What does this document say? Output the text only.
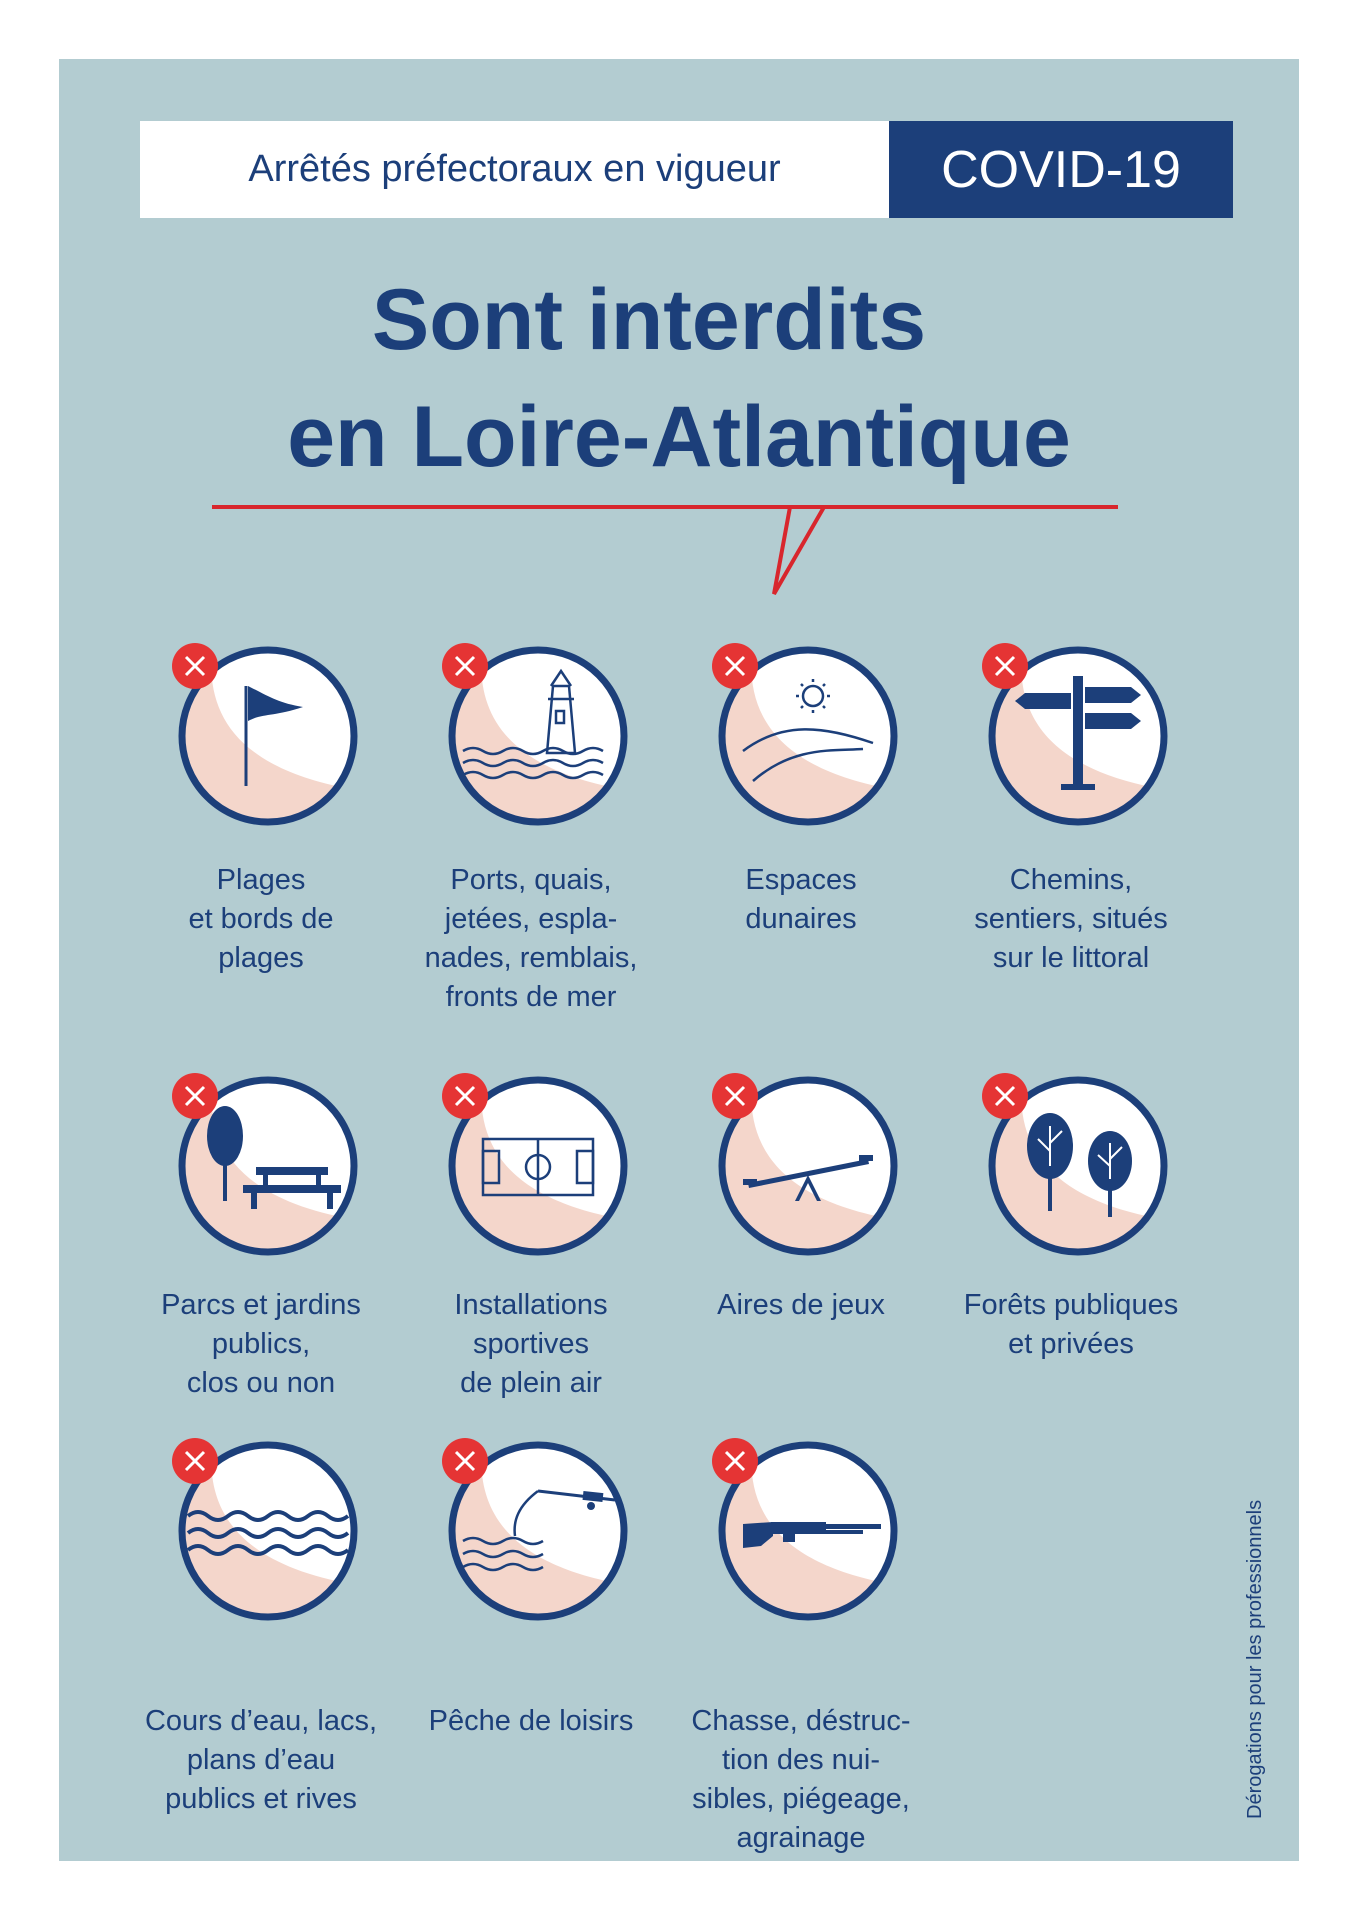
Arrêtés préfectoraux en vigueur	COVID-19
Sont interdits
en Loire-Atlantique
Plages
et bords de
plages
Ports, quais,
jetées, espla-
nades, remblais,
fronts de mer
Espaces
dunaires
Chemins,
sentiers, situés
sur le littoral
Parcs et jardins
publics,
clos ou non
Installations
sportives
de plein air
Aires de jeux	Forêts publiques
et privées
Cours d’eau, lacs,
plans d’eau
publics et rives
Pêche de loisirs	Chasse, déstruc-
tion des nui-
sibles, piégeage,
agrainage
Dérogations pour les professionnels
